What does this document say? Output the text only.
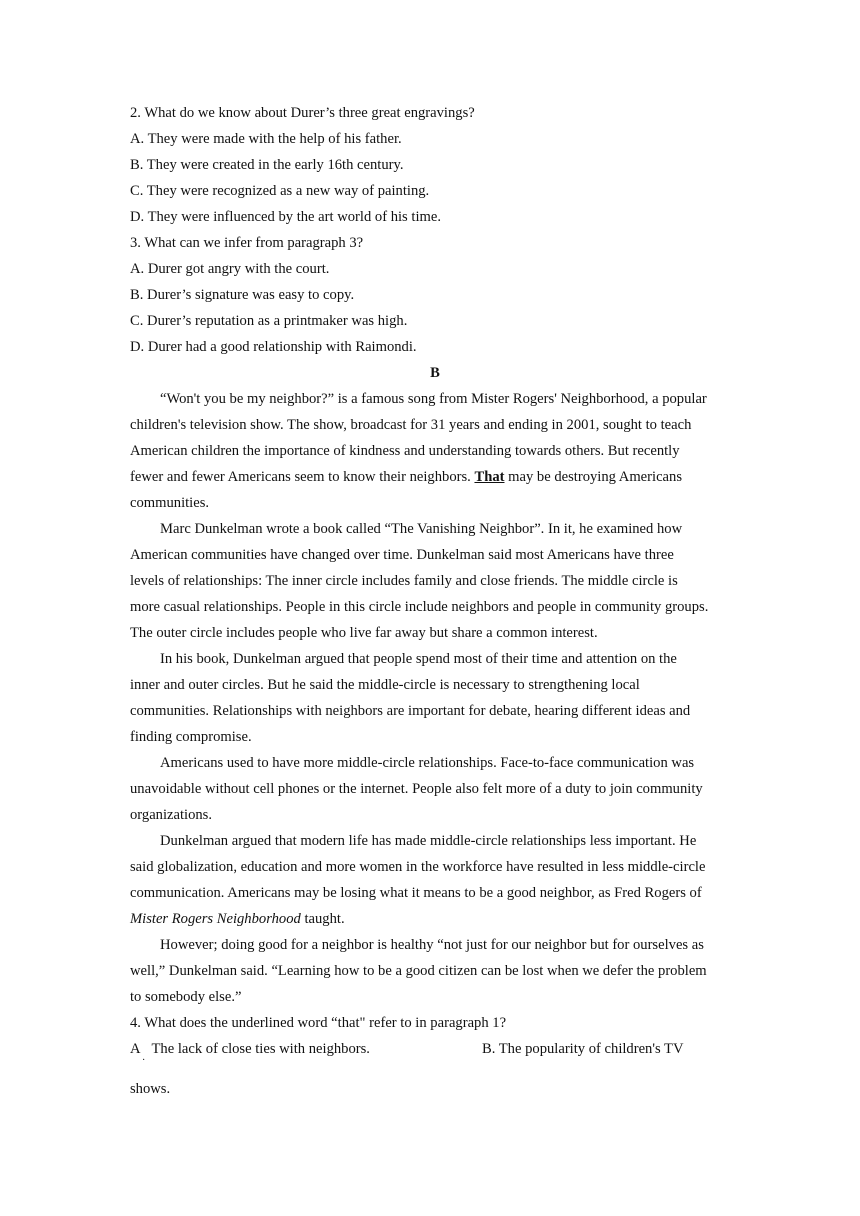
2. What do we know about Durer’s three great engravings?
A. They were made with the help of his father.
B. They were created in the early 16th century.
C. They were recognized as a new way of painting.
D. They were influenced by the art world of his time.
3. What can we infer from paragraph 3?
A. Durer got angry with the court.
B. Durer’s signature was easy to copy.
C. Durer’s reputation as a printmaker was high.
D. Durer had a good relationship with Raimondi.
B
“Won't you be my neighbor?” is a famous song from Mister Rogers' Neighborhood, a popular
children's television show. The show, broadcast for 31 years and ending in 2001, sought to teach
American children the importance of kindness and understanding towards others. But recently
fewer and fewer Americans seem to know their neighbors. That may be destroying Americans
communities.
Marc Dunkelman wrote a book called “The Vanishing Neighbor”. In it, he examined how
American communities have changed over time. Dunkelman said most Americans have three
levels of relationships: The inner circle includes family and close friends. The middle circle is
more casual relationships. People in this circle include neighbors and people in community groups.
The outer circle includes people who live far away but share a common interest.
In his book, Dunkelman argued that people spend most of their time and attention on the
inner and outer circles. But he said the middle-circle is necessary to strengthening local
communities. Relationships with neighbors are important for debate, hearing different ideas and
finding compromise.
Americans used to have more middle-circle relationships. Face-to-face communication was
unavoidable without cell phones or the internet. People also felt more of a duty to join community
organizations.
Dunkelman argued that modern life has made middle-circle relationships less important. He
said globalization, education and more women in the workforce have resulted in less middle-circle
communication. Americans may be losing what it means to be a good neighbor, as Fred Rogers of
Mister Rogers Neighborhood taught.
However; doing good for a neighbor is healthy “not just for our neighbor but for ourselves as
well,” Dunkelman said. “Learning how to be a good citizen can be lost when we defer the problem
to somebody else.”
4. What does the underlined word “that" refer to in paragraph 1?
A The lack of close ties with neighbors.	B. The popularity of children's TV
·
shows.
